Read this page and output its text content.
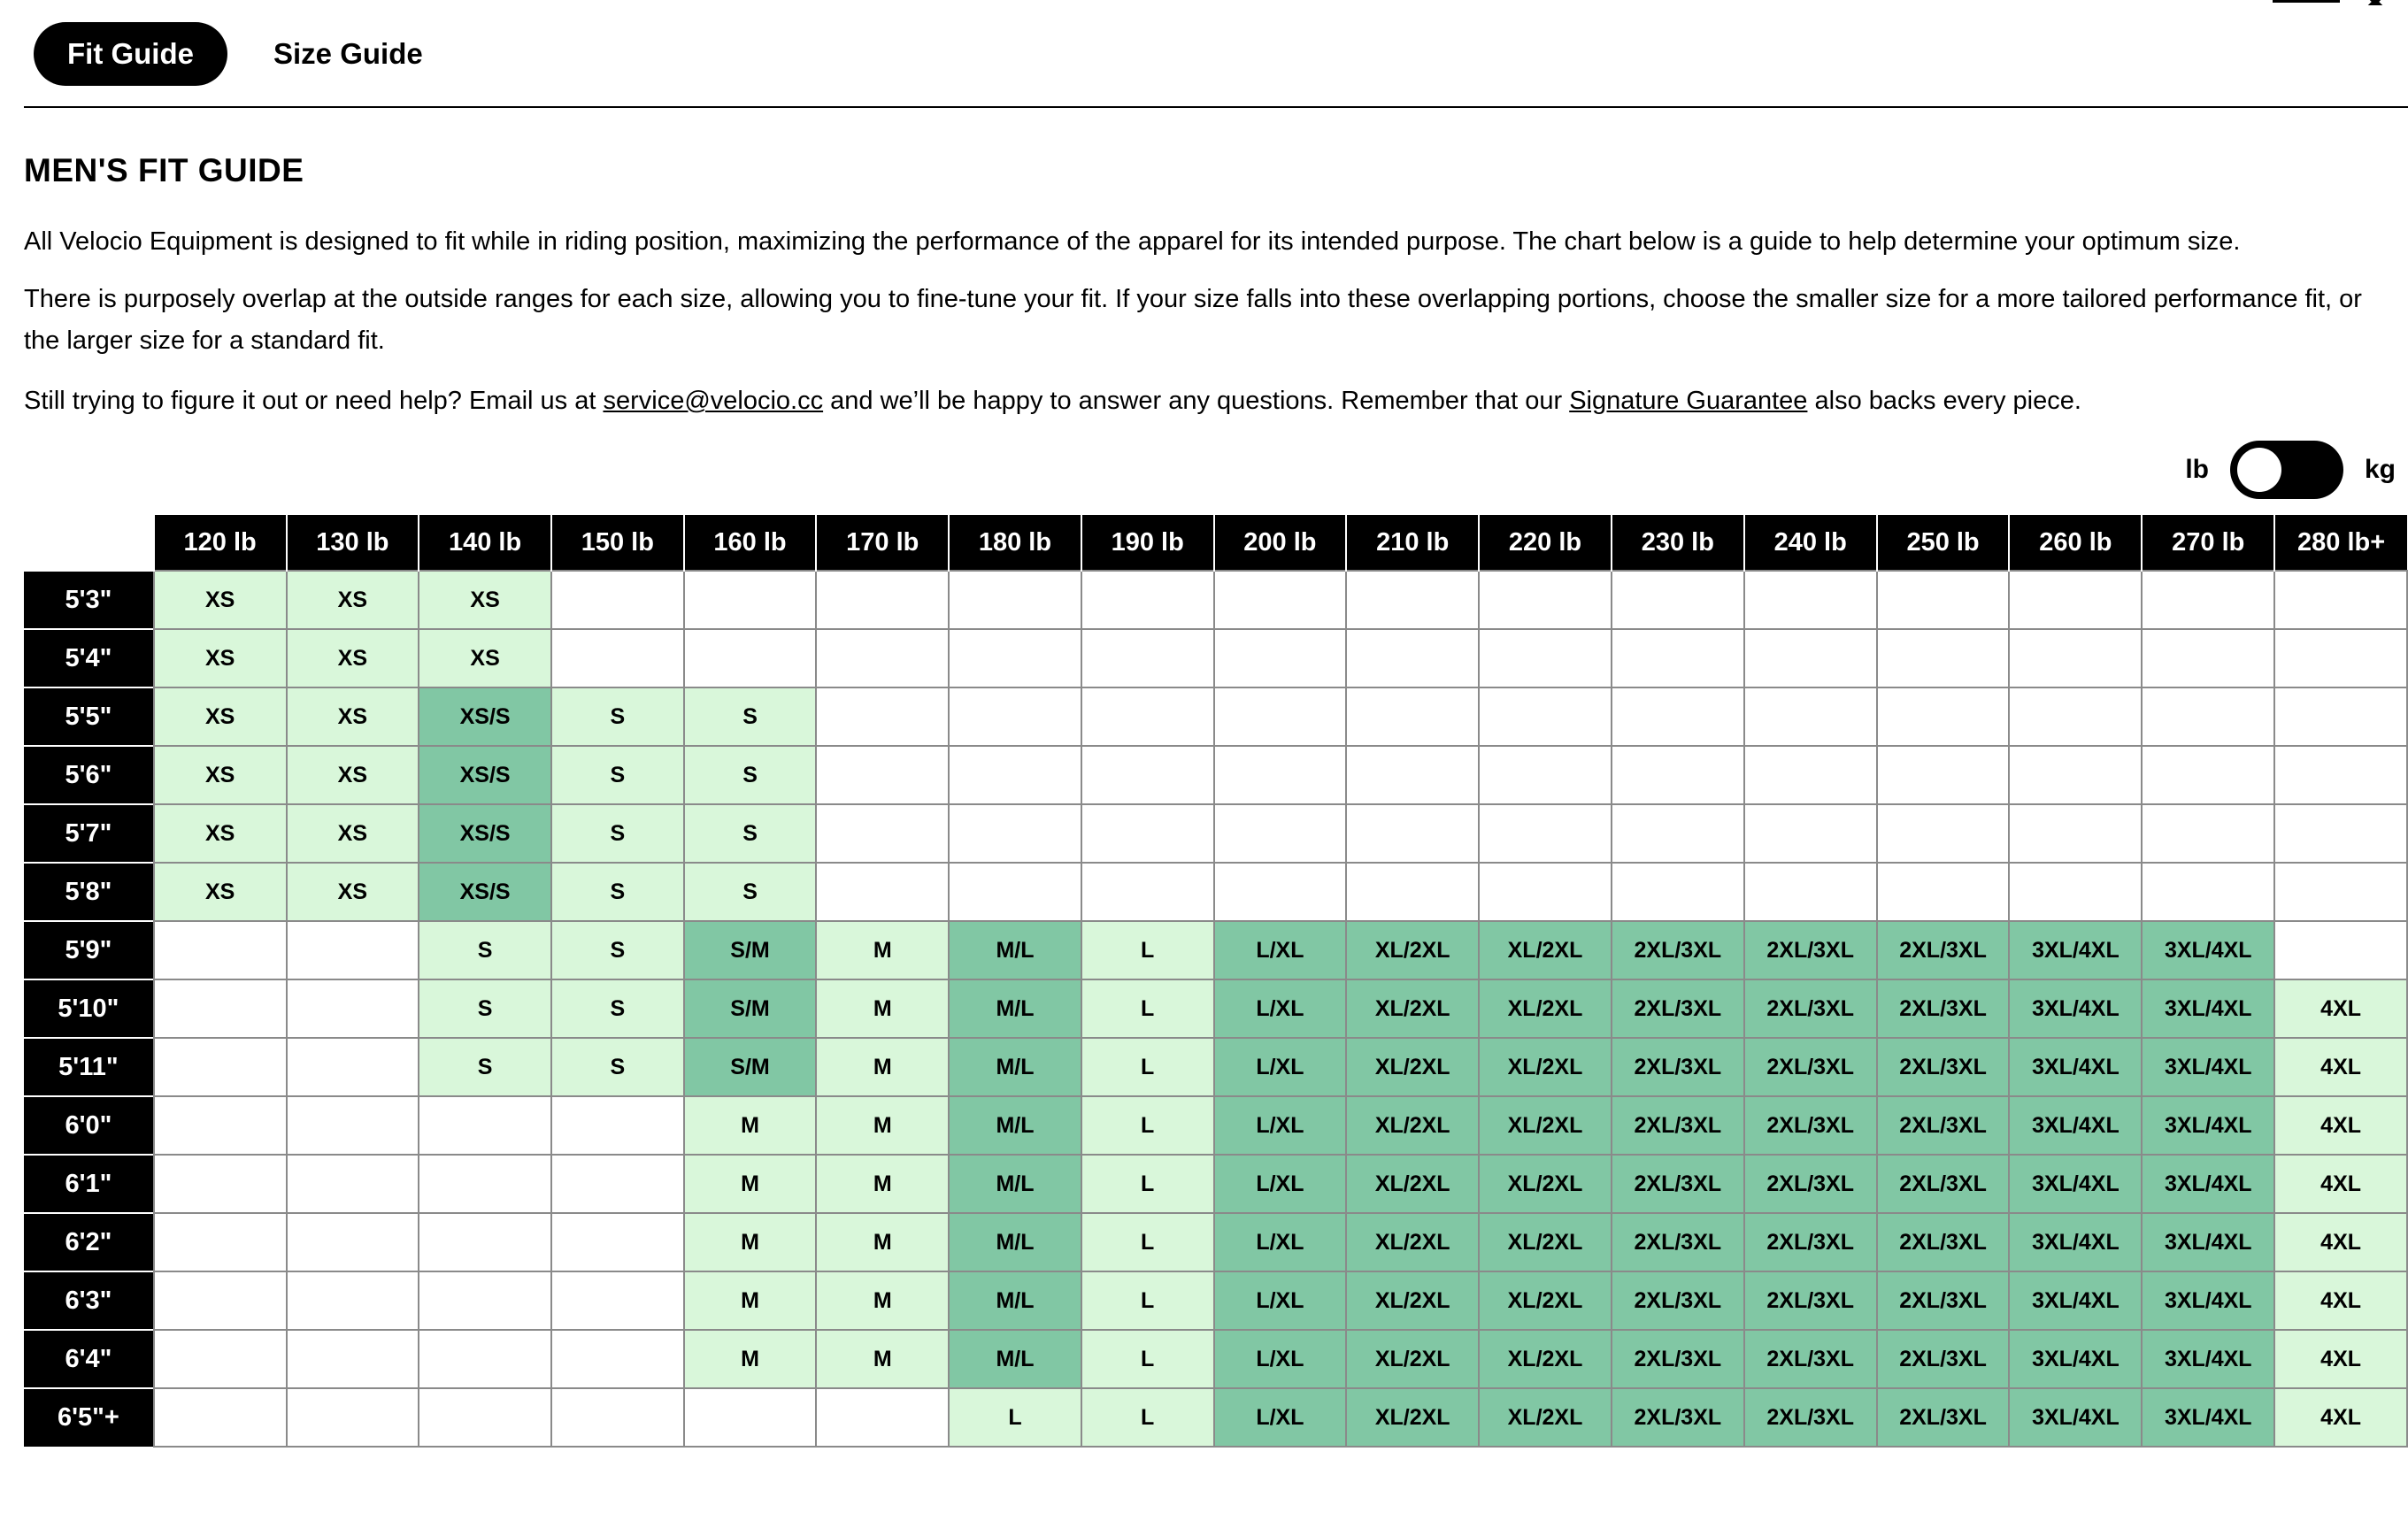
Fit Guide	Size Guide
MEN'S FIT GUIDE

All Velocio Equipment is designed to fit while in riding position, maximizing the performance of the apparel for its intended purpose. The chart below is a guide to help determine your optimum size.

There is purposely overlap at the outside ranges for each size, allowing you to fine-tune your fit. If your size falls into these overlapping portions, choose the smaller size for a more tailored performance fit, or the larger size for a standard fit.

Still trying to figure it out or need help? Email us at service@velocio.cc and we’ll be happy to answer any questions. Remember that our Signature Guarantee also backs every piece.

lb	kg
	120 lb	130 lb	140 lb	150 lb	160 lb	170 lb	180 lb	190 lb	200 lb	210 lb	220 lb	230 lb	240 lb	250 lb	260 lb	270 lb	280 lb+
5'3"	XS	XS	XS														
5'4"	XS	XS	XS														
5'5"	XS	XS	XS/S	S	S												
5'6"	XS	XS	XS/S	S	S												
5'7"	XS	XS	XS/S	S	S												
5'8"	XS	XS	XS/S	S	S												
5'9"			S	S	S/M	M	M/L	L	L/XL	XL/2XL	XL/2XL	2XL/3XL	2XL/3XL	2XL/3XL	3XL/4XL	3XL/4XL	
5'10"			S	S	S/M	M	M/L	L	L/XL	XL/2XL	XL/2XL	2XL/3XL	2XL/3XL	2XL/3XL	3XL/4XL	3XL/4XL	4XL
5'11"			S	S	S/M	M	M/L	L	L/XL	XL/2XL	XL/2XL	2XL/3XL	2XL/3XL	2XL/3XL	3XL/4XL	3XL/4XL	4XL
6'0"					M	M	M/L	L	L/XL	XL/2XL	XL/2XL	2XL/3XL	2XL/3XL	2XL/3XL	3XL/4XL	3XL/4XL	4XL
6'1"					M	M	M/L	L	L/XL	XL/2XL	XL/2XL	2XL/3XL	2XL/3XL	2XL/3XL	3XL/4XL	3XL/4XL	4XL
6'2"					M	M	M/L	L	L/XL	XL/2XL	XL/2XL	2XL/3XL	2XL/3XL	2XL/3XL	3XL/4XL	3XL/4XL	4XL
6'3"					M	M	M/L	L	L/XL	XL/2XL	XL/2XL	2XL/3XL	2XL/3XL	2XL/3XL	3XL/4XL	3XL/4XL	4XL
6'4"					M	M	M/L	L	L/XL	XL/2XL	XL/2XL	2XL/3XL	2XL/3XL	2XL/3XL	3XL/4XL	3XL/4XL	4XL
6'5"+							L	L	L/XL	XL/2XL	XL/2XL	2XL/3XL	2XL/3XL	2XL/3XL	3XL/4XL	3XL/4XL	4XL
